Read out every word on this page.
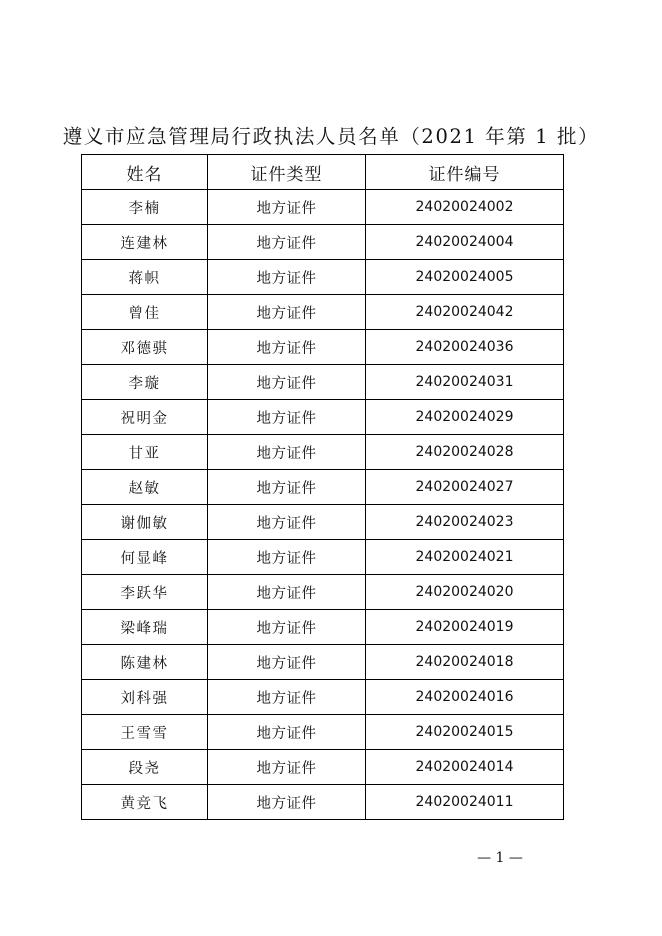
遵义市应急管理局行政执法人员名单（2021 年第 1 批）
姓名	证件类型	证件编号
李楠	地方证件	24020024002
连建林	地方证件	24020024004
蒋帜	地方证件	24020024005
曾佳	地方证件	24020024042
邓德骐	地方证件	24020024036
李璇	地方证件	24020024031
祝明金	地方证件	24020024029
甘亚	地方证件	24020024028
赵敏	地方证件	24020024027
谢伽敏	地方证件	24020024023
何显峰	地方证件	24020024021
李跃华	地方证件	24020024020
梁峰瑞	地方证件	24020024019
陈建林	地方证件	24020024018
刘科强	地方证件	24020024016
王雪雪	地方证件	24020024015
段尧	地方证件	24020024014
黄竞飞	地方证件	24020024011
— 1 —
